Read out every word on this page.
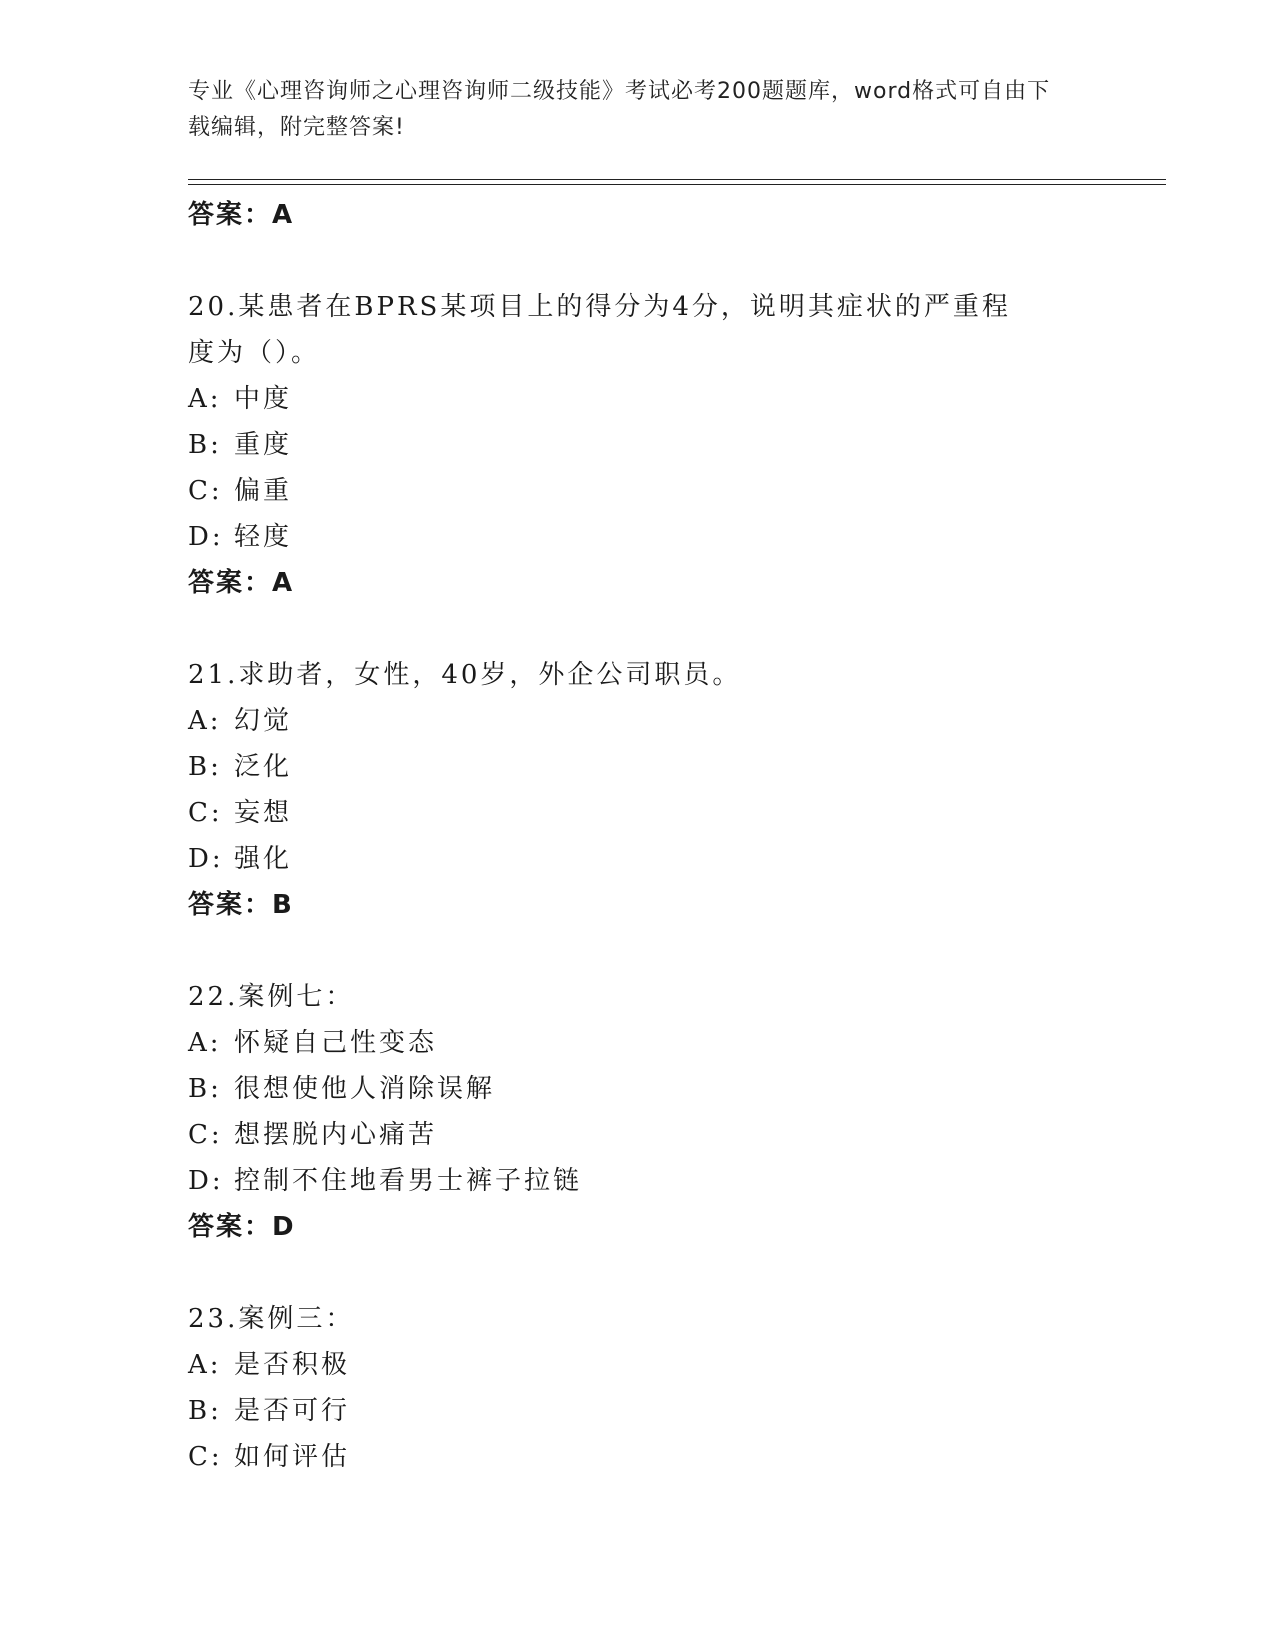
专业《心理咨询师之心理咨询师二级技能》考试必考200题题库，word格式可自由下载编辑，附完整答案!
答案：A
20.某患者在BPRS某项目上的得分为4分，说明其症状的严重程度为（）。
A: 中度
B: 重度
C: 偏重
D: 轻度
答案：A
21.求助者，女性，40岁，外企公司职员。
A: 幻觉
B: 泛化
C: 妄想
D: 强化
答案：B
22.案例七：
A: 怀疑自己性变态
B: 很想使他人消除误解
C: 想摆脱内心痛苦
D: 控制不住地看男士裤子拉链
答案：D
23.案例三：
A: 是否积极
B: 是否可行
C: 如何评估
